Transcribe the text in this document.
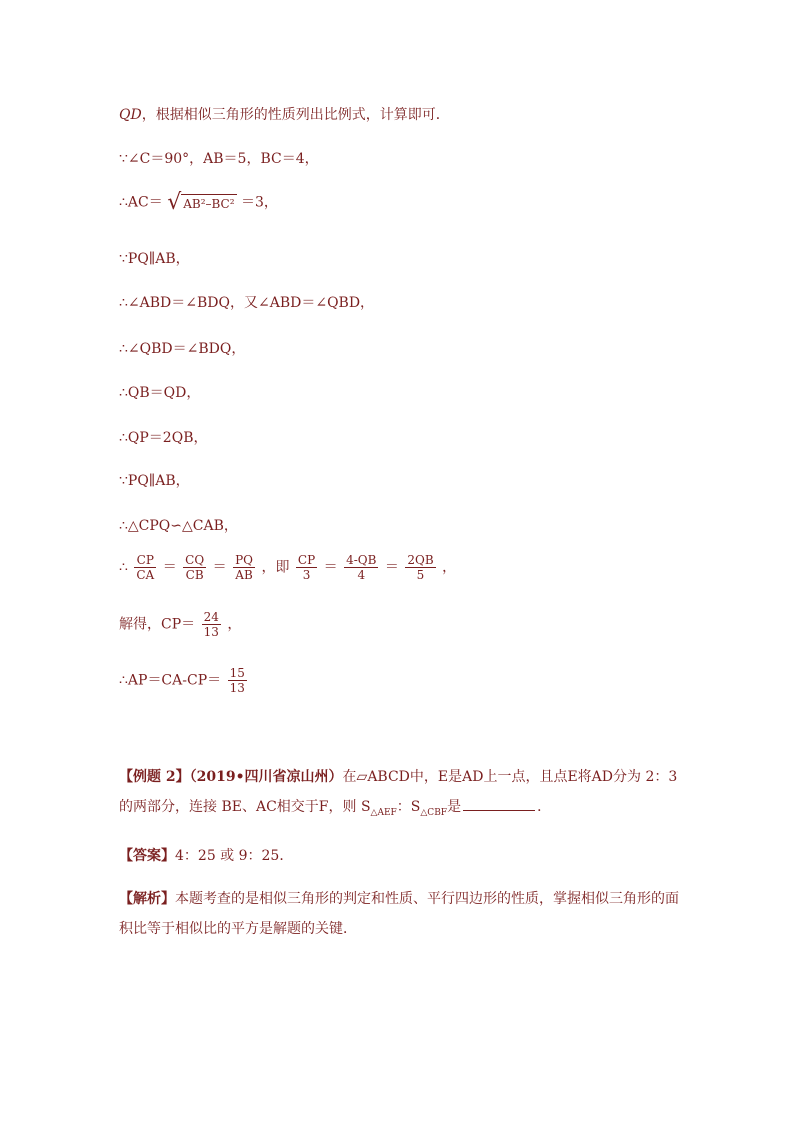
QD，根据相似三角形的性质列出比例式，计算即可．
∵∠C＝90°，AB＝5，BC＝4，
∴AC＝ √ AB²–BC² ＝3，
∵PQ∥AB，
∴∠ABD＝∠BDQ，又∠ABD＝∠QBD，
∴∠QBD＝∠BDQ，
∴QB＝QD，
∴QP＝2QB，
∵PQ∥AB，
∴△CPQ∽△CAB，
∴ $\frac{CP}{CA} = \frac{CQ}{CB} = \frac{PQ}{AB}$ ，即 $\frac{CP}{3} = \frac{4-QB}{4} = \frac{2QB}{5}$ ，
解得，$CP= \frac{24}{13}$ ，
∴AP＝CA-CP＝ $\frac{15}{13}$
【例题 2】（2019•四川省凉山州）在▱ABCD中，E是AD上一点，且点E将AD分为 2：3
的两部分，连接 BE、AC相交于F，则 $S_{\triangle AEF}$：$S_{\triangle CBF}$是	．
【答案】4：25 或 9：25．
【解析】本题考查的是相似三角形的判定和性质、平行四边形的性质，掌握相似三角形的面积比等于相似比的平方是解题的关键．
